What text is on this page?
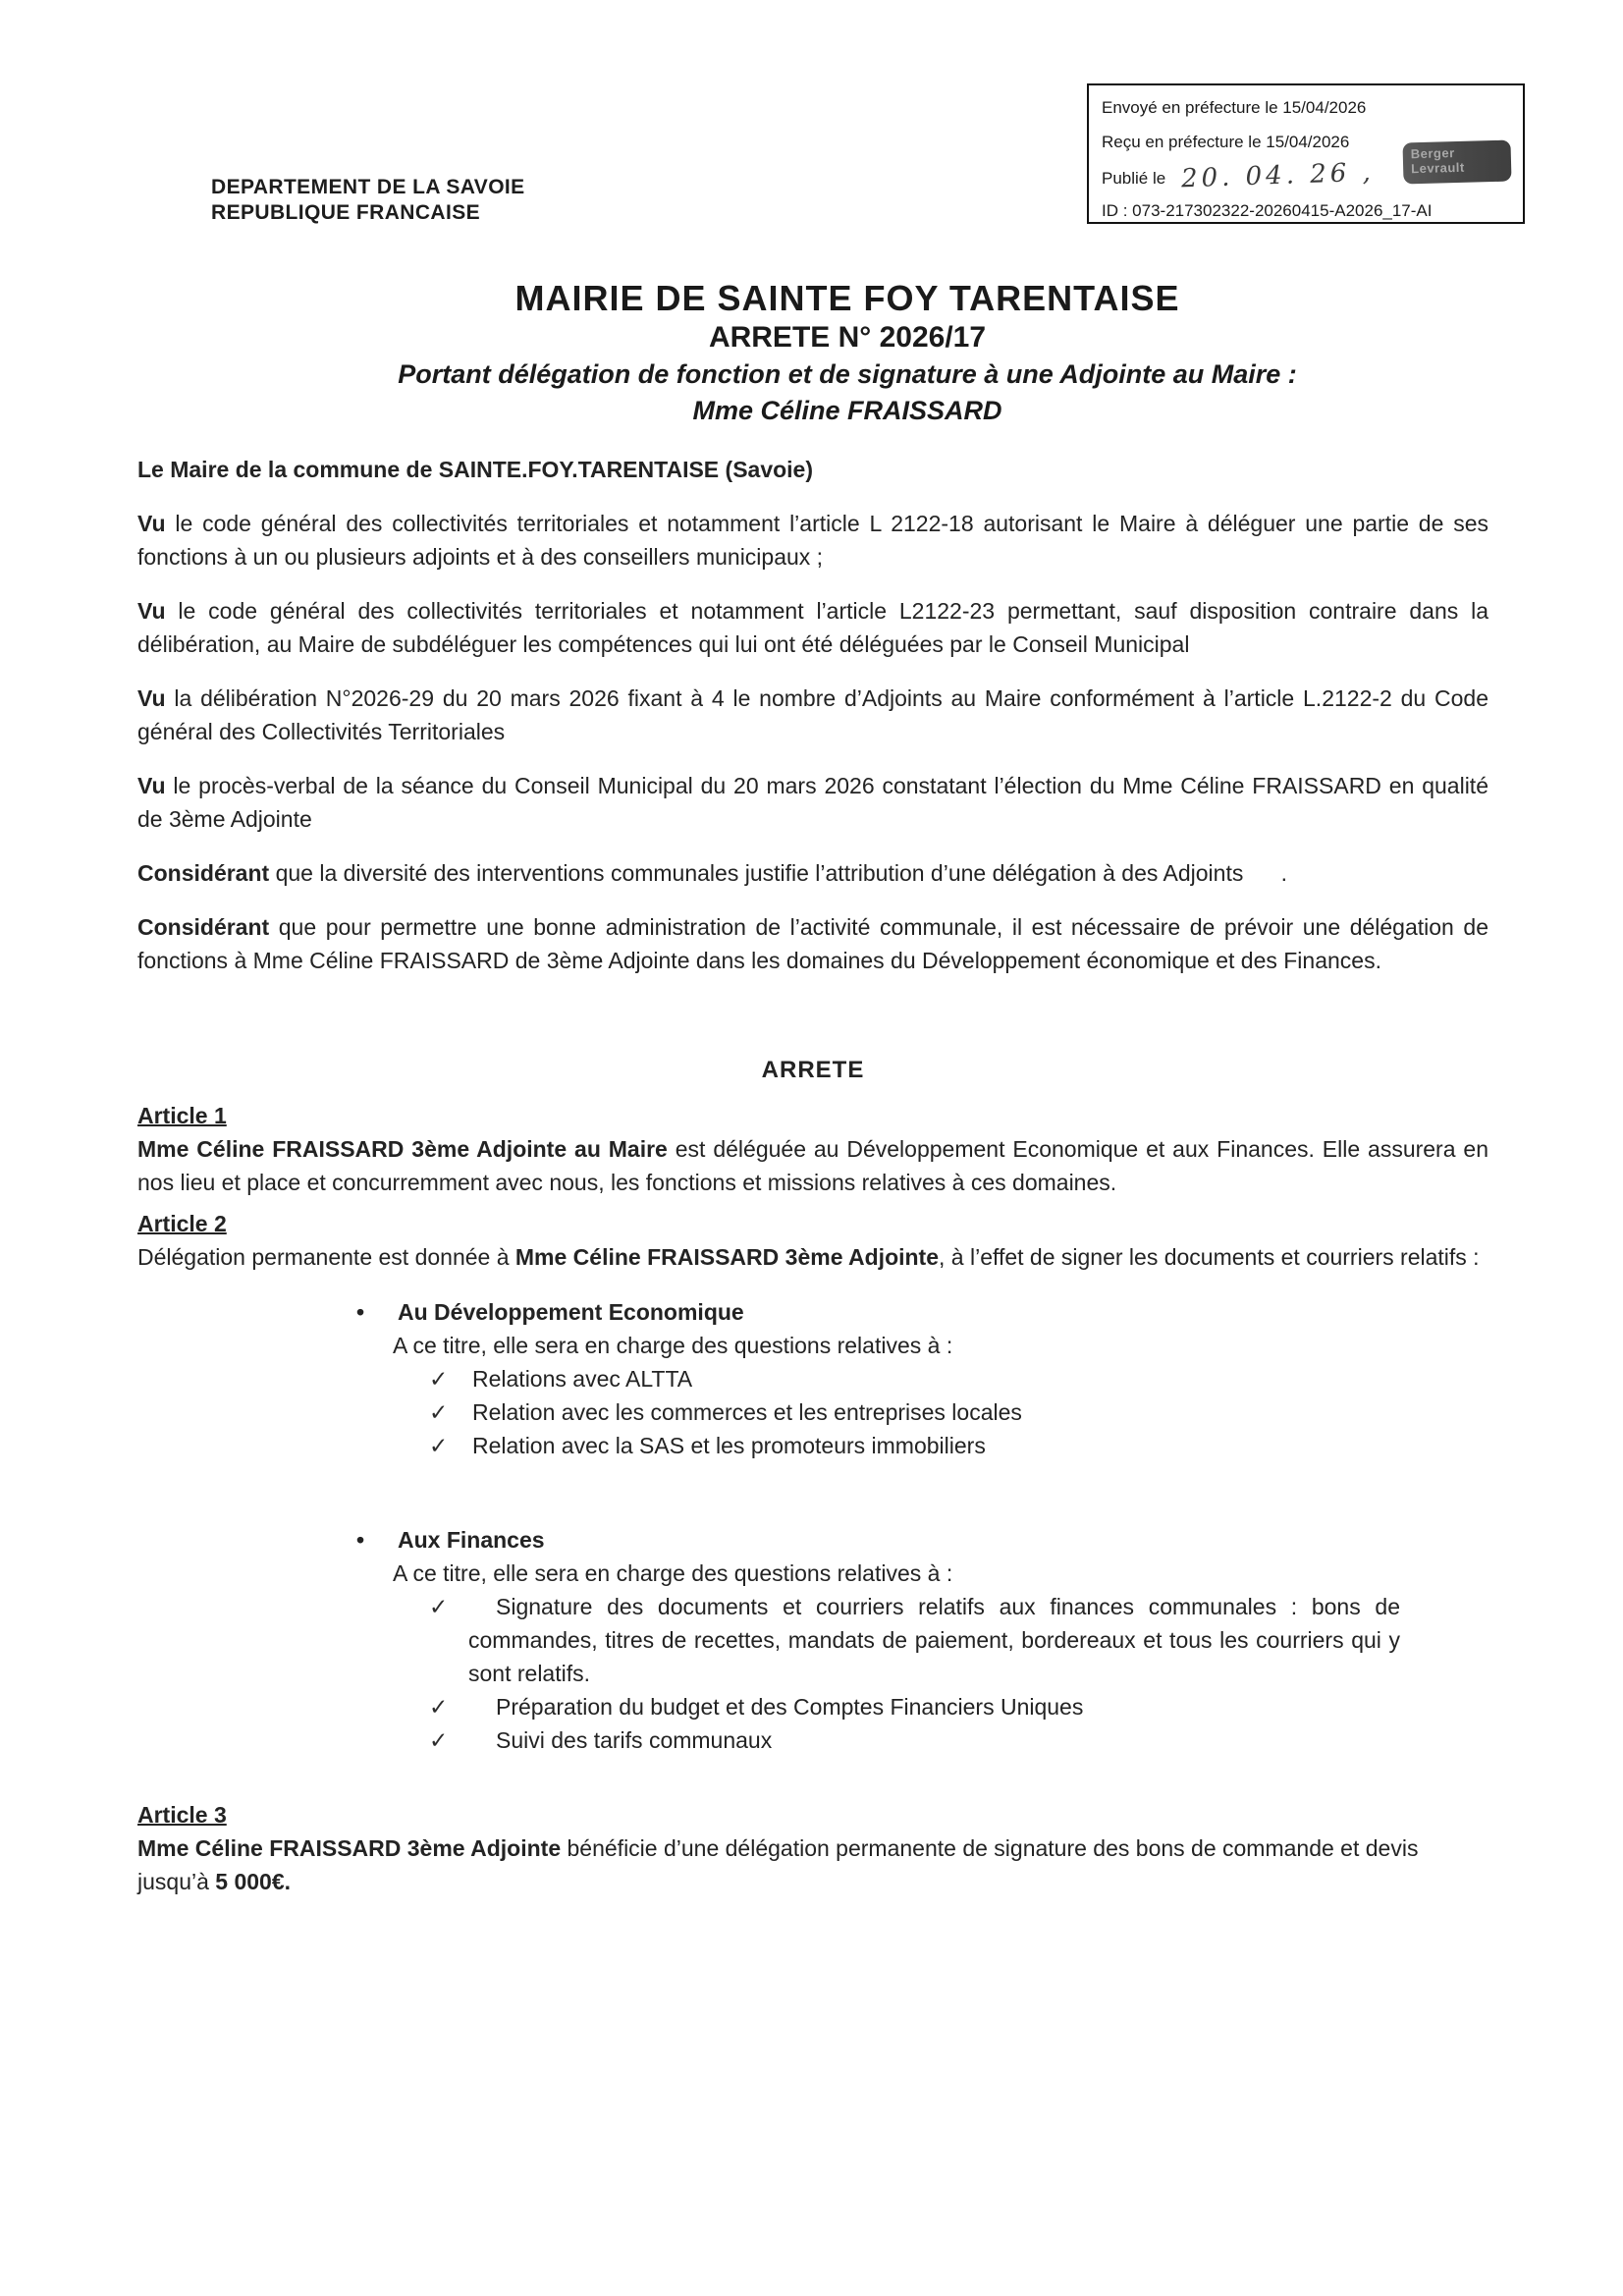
Envoyé en préfecture le 15/04/2026
Reçu en préfecture le 15/04/2026
Publié le 20. 04. 26 ,
ID : 073-217302322-20260415-A2026_17-AI
Berger
Levrault
DEPARTEMENT DE LA SAVOIE
REPUBLIQUE FRANCAISE
MAIRIE DE SAINTE FOY TARENTAISE
ARRETE N° 2026/17
Portant délégation de fonction et de signature à une Adjointe au Maire :
Mme Céline FRAISSARD

Le Maire de la commune de SAINTE.FOY.TARENTAISE (Savoie)

Vu le code général des collectivités territoriales et notamment l’article L 2122-18 autorisant le Maire à déléguer une partie de ses fonctions à un ou plusieurs adjoints et à des conseillers municipaux ;

Vu le code général des collectivités territoriales et notamment l’article L2122-23 permettant, sauf disposition contraire dans la délibération, au Maire de subdéléguer les compétences qui lui ont été déléguées par le Conseil Municipal

Vu la délibération N°2026-29 du 20 mars 2026 fixant à 4 le nombre d’Adjoints au Maire conformément à l’article L.2122-2 du Code général des Collectivités Territoriales

Vu le procès-verbal de la séance du Conseil Municipal du 20 mars 2026 constatant l’élection du Mme Céline FRAISSARD en qualité de 3ème Adjointe

Considérant que la diversité des interventions communales justifie l’attribution d’une délégation à des Adjoints      .

Considérant que pour permettre une bonne administration de l’activité communale, il est nécessaire de prévoir une délégation de fonctions à Mme Céline FRAISSARD de 3ème Adjointe dans les domaines du Développement économique et des Finances.

ARRETE
Article 1

Mme Céline FRAISSARD 3ème Adjointe au Maire est déléguée au Développement Economique et aux Finances. Elle assurera en nos lieu et place et concurremment avec nous, les fonctions et missions relatives à ces domaines.

Article 2

Délégation permanente est donnée à Mme Céline FRAISSARD 3ème Adjointe, à l’effet de signer les documents et courriers relatifs :

• Au Développement Economique
A ce titre, elle sera en charge des questions relatives à :
✓ Relations avec ALTTA
✓ Relation avec les commerces et les entreprises locales
✓ Relation avec la SAS et les promoteurs immobiliers
• Aux Finances
A ce titre, elle sera en charge des questions relatives à :
✓ Signature des documents et courriers relatifs aux finances communales : bons de commandes, titres de recettes, mandats de paiement, bordereaux et tous les courriers qui y sont relatifs.
✓ Préparation du budget et des Comptes Financiers Uniques
✓ Suivi des tarifs communaux
Article 3

Mme Céline FRAISSARD 3ème Adjointe bénéficie d’une délégation permanente de signature des bons de commande et devis jusqu’à 5 000€.
